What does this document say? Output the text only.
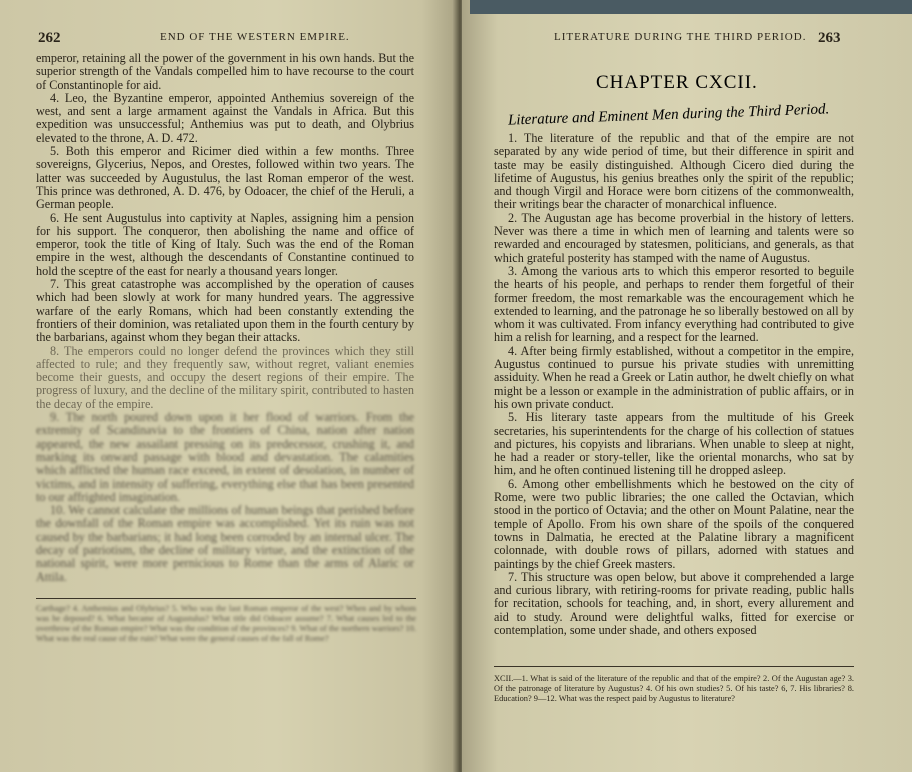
262	END OF THE WESTERN EMPIRE.

emperor, retaining all the power of the government in his own hands. But the superior strength of the Vandals compelled him to have recourse to the court of Constantinople for aid.

4. Leo, the Byzantine emperor, appointed Anthemius sovereign of the west, and sent a large armament against the Vandals in Africa. But this expedition was unsuccessful; Anthemius was put to death, and Olybrius elevated to the throne, A. D. 472.

5. Both this emperor and Ricimer died within a few months. Three sovereigns, Glycerius, Nepos, and Orestes, followed within two years. The latter was succeeded by Augustulus, the last Roman emperor of the west. This prince was dethroned, A. D. 476, by Odoacer, the chief of the Heruli, a German people.

6. He sent Augustulus into captivity at Naples, assigning him a pension for his support. The conqueror, then abolishing the name and office of emperor, took the title of King of Italy. Such was the end of the Roman empire in the west, although the descendants of Constantine continued to hold the sceptre of the east for nearly a thousand years longer.

7. This great catastrophe was accomplished by the operation of causes which had been slowly at work for many hundred years. The aggressive warfare of the early Romans, which had been constantly extending the frontiers of their dominion, was retaliated upon them in the fourth century by the barbarians, against whom they began their attacks.

8. The emperors could no longer defend the provinces which they still affected to rule; and they frequently saw, without regret, valiant enemies become their guests, and occupy the desert regions of their empire. The progress of luxury, and the decline of the military spirit, contributed to hasten the decay of the empire.

9. The north poured down upon it her flood of warriors. From the extremity of Scandinavia to the frontiers of China, nation after nation appeared, the new assailant pressing on its predecessor, crushing it, and marking its onward passage with blood and devastation. The calamities which afflicted the human race exceed, in extent of desolation, in number of victims, and in intensity of suffering, everything else that has been presented to our affrighted imagination.

10. We cannot calculate the millions of human beings that perished before the downfall of the Roman empire was accomplished. Yet its ruin was not caused by the barbarians; it had long been corroded by an internal ulcer. The decay of patriotism, the decline of military virtue, and the extinction of the national spirit, were more pernicious to Rome than the arms of Alaric or Attila.

Carthage? 4. Anthemius and Olybrius? 5. Who was the last Roman emperor of the west? When and by whom was he deposed? 6. What became of Augustulus? What title did Odoacer assume? 7. What causes led to the overthrow of the Roman empire? What was the condition of the provinces? 9. What of the northern warriors? 10. What was the real cause of the ruin? What were the general causes of the fall of Rome?
LITERATURE DURING THE THIRD PERIOD. 263
CHAPTER CXCII.
Literature and Eminent Men during the Third Period.

1. The literature of the republic and that of the empire are not separated by any wide period of time, but their difference in spirit and taste may be easily distinguished. Although Cicero died during the lifetime of Augustus, his genius breathes only the spirit of the republic; and though Virgil and Horace were born citizens of the commonwealth, their writings bear the character of monarchical influence.

2. The Augustan age has become proverbial in the history of letters. Never was there a time in which men of learning and talents were so rewarded and encouraged by statesmen, politicians, and generals, as that which grateful posterity has stamped with the name of Augustus.

3. Among the various arts to which this emperor resorted to beguile the hearts of his people, and perhaps to render them forgetful of their former freedom, the most remarkable was the encouragement which he extended to learning, and the patronage he so liberally bestowed on all by whom it was cultivated. From infancy everything had contributed to give him a relish for learning, and a respect for the learned.

4. After being firmly established, without a competitor in the empire, Augustus continued to pursue his private studies with unremitting assiduity. When he read a Greek or Latin author, he dwelt chiefly on what might be a lesson or example in the administration of public affairs, or in his own private conduct.

5. His literary taste appears from the multitude of his Greek secretaries, his superintendents for the charge of his collection of statues and pictures, his copyists and librarians. When unable to sleep at night, he had a reader or story-teller, like the oriental monarchs, who sat by him, and he often continued listening till he dropped asleep.

6. Among other embellishments which he bestowed on the city of Rome, were two public libraries; the one called the Octavian, which stood in the portico of Octavia; and the other on Mount Palatine, near the temple of Apollo. From his own share of the spoils of the conquered towns in Dalmatia, he erected at the Palatine library a magnificent colonnade, with double rows of pillars, adorned with statues and paintings by the chief Greek masters.

7. This structure was open below, but above it comprehended a large and curious library, with retiring-rooms for private reading, public halls for recitation, schools for teaching, and, in short, every allurement and aid to study. Around were delightful walks, fitted for exercise or contemplation, some under shade, and others exposed

XCII.—1. What is said of the literature of the republic and that of the empire? 2. Of the Augustan age? 3. Of the patronage of literature by Augustus? 4. Of his own studies? 5. Of his taste? 6, 7. His libraries? 8. Education? 9—12. What was the respect paid by Augustus to literature?
